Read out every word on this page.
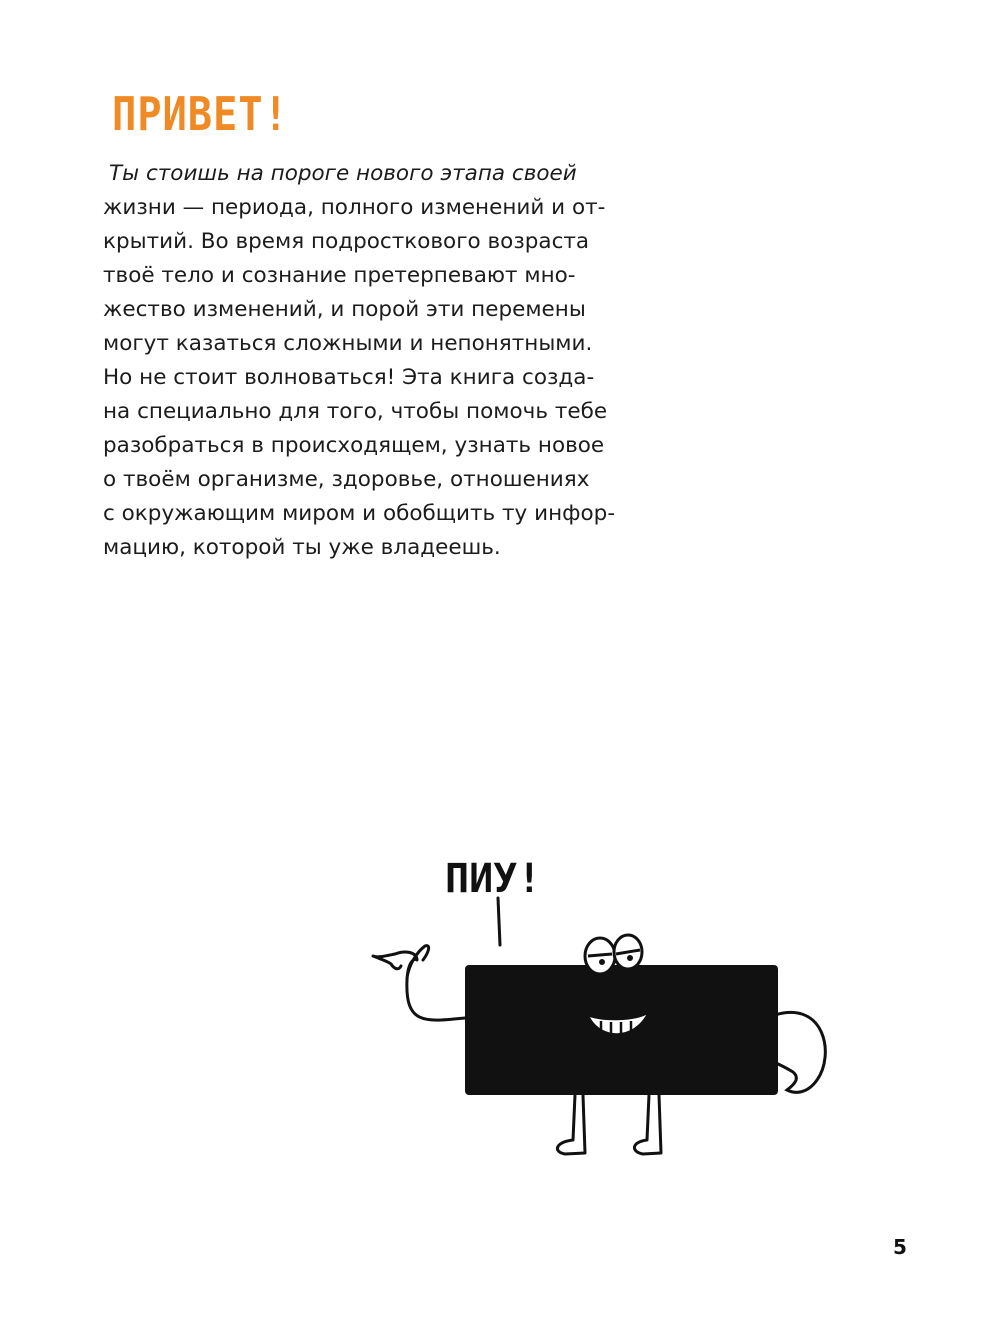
ПРИВЕТ!
Ты стоишь на пороге нового этапа своей
жизни — периода, полного изменений и от-
крытий. Во время подросткового возраста
твоё тело и сознание претерпевают мно-
жество изменений, и порой эти перемены
могут казаться сложными и непонятными.
Но не стоит волноваться! Эта книга созда-
на специально для того, чтобы помочь тебе
разобраться в происходящем, узнать новое
о твоём организме, здоровье, отношениях
с окружающим миром и обобщить ту инфор-
мацию, которой ты уже владеешь.
ПИУ!
5
